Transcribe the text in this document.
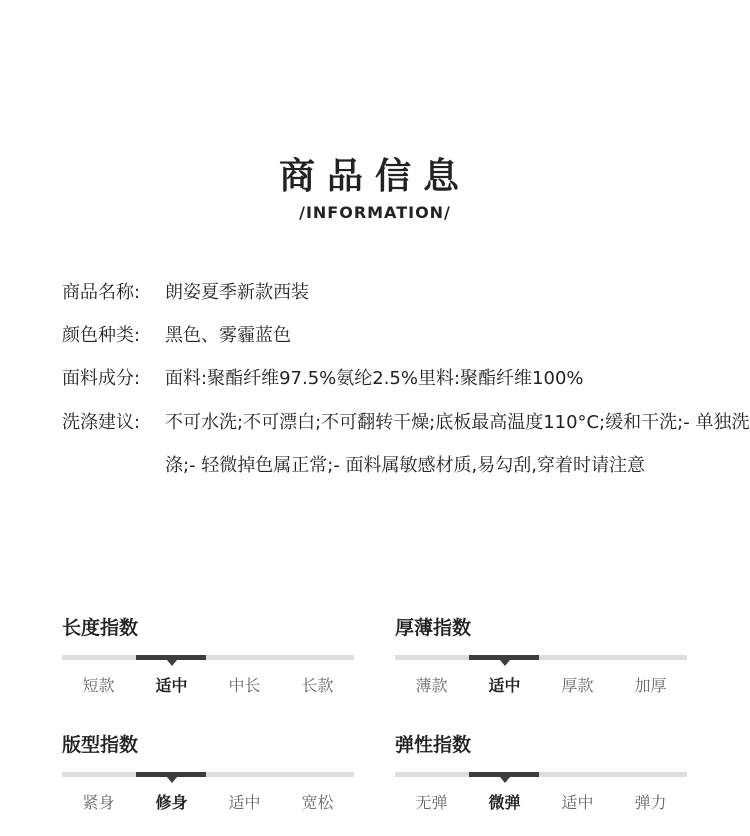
商品信息
/INFORMATION/
商品名称:	朗姿夏季新款西装
颜色种类:	黑色、雾霾蓝色
面料成分:	面料:聚酯纤维97.5%氨纶2.5%里料:聚酯纤维100%
洗涤建议:	不可水洗;不可漂白;不可翻转干燥;底板最高温度110°C;缓和干洗;- 单独洗涤;- 轻微掉色属正常;- 面料属敏感材质,易勾刮,穿着时请注意
长度指数
短款	适中	中长	长款
厚薄指数
薄款	适中	厚款	加厚
版型指数
紧身	修身	适中	宽松
弹性指数
无弹	微弹	适中	弹力
